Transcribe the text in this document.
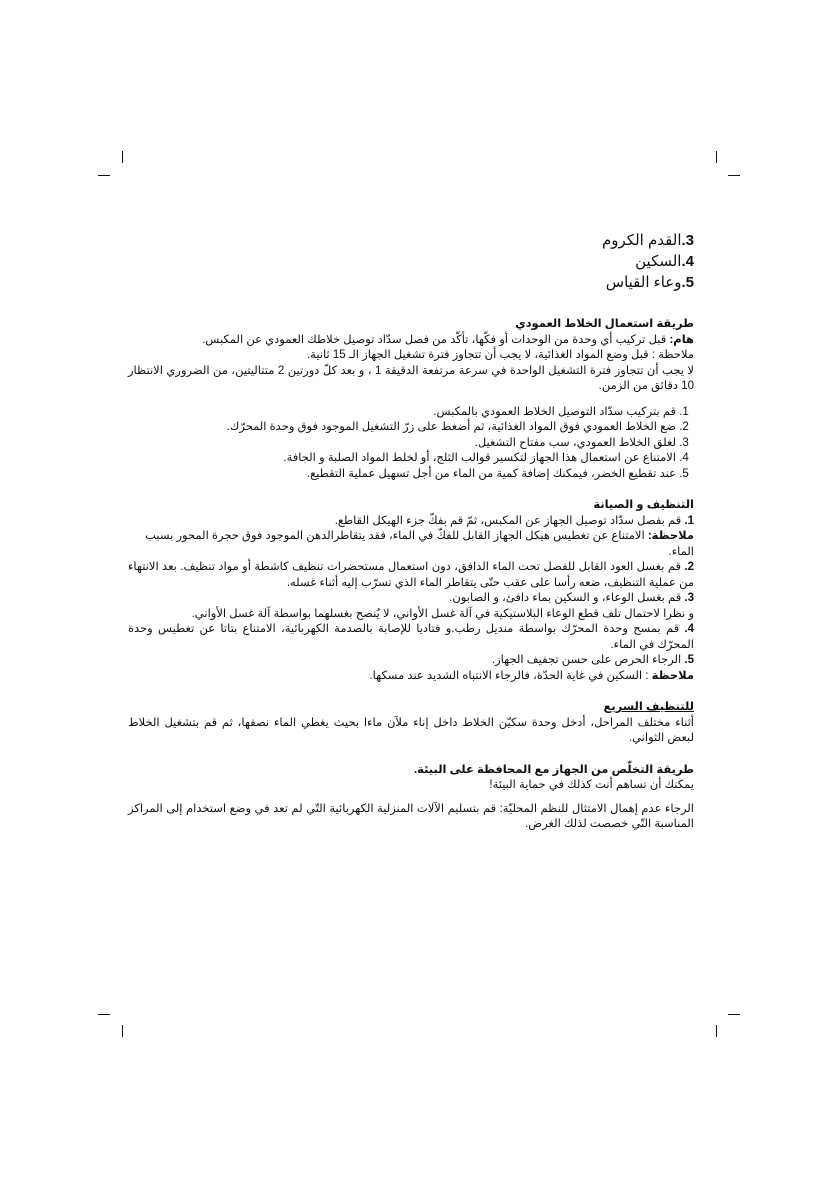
3.القدم الكروم
4.السكين
5.وعاء القياس
طريقة استعمال الخلاط العمودي

هام: قبل تركيب أي وحدة من الوحدات أو فكّها، تأكّد من فصل سدّاد توصيل خلاطك العمودي عن المكبس.

ملاحظة : قبل وضع المواد الغذائية، لا يجب أن تتجاوز فترة تشغيل الجهاز الـ 15 ثانية.

لا يجب أن تتجاوز فترة التشغيل الواحدة في سرعة مرتفعة الدقيقة 1 ، و بعد كلّ دورتين 2 متتاليتين، من الضروري الانتظار 10 دقائق من الزمن.

1. قم بتركيب سدّاد التوصيل الخلاط العمودي بالمكبس.
2. ضع الخلاط العمودي فوق المواد الغذائية، ثم أضغط على زرّ التشغيل الموجود فوق وحدة المحرّك.
3. لغلق الخلاط العمودي، سب مفتاح التشغيل.
4. الامتناع عن استعمال هذا الجهاز لتكسير قوالب الثلج، أو لخلط المواد الصلبة و الجافة.
5. عند تقطيع الخضر، فيمكنك إضافة كمية من الماء من أجل تسهيل عملية التقطيع.
التنظيف و الصيانة

1. قم بفصل سدّاد توصيل الجهاز عن المكبس، ثمّ قم بفكّ جزء الهيكل القاطع.

ملاحظة: الامتناع عن تغطيس هيكل الجهاز القابل للفكّ في الماء، فقد يتقاطرالدهن الموجود فوق حجرة المحور بسبب الماء.

2. قم بغسل العود القابل للفصل تحت الماء الدافق، دون استعمال مستحضرات تنظيف كاشطة أو مواد تنظيف. بعد الانتهاء من عملية التنظيف، ضعه رأسا على عقب حتّى يتقاطر الماء الذي تسرّب إليه أثناء غسله.

3. قم بغسل الوعاء، و السكين بماء دافئ، و الصابون.

و نظرا لاحتمال تلف قطع الوعاء البلاستيكية في آلة غسل الأواني، لا يُنصح بغسلهما بواسطة آلة غسل الأواني.

4. قم بمسح وحدة المحرّك بواسطة منديل رطب.و فتاديا للإصابة بالصدمة الكهربائية، الامتناع بتاتا عن تغطيس وحدة المحرّك في الماء.

5. الرجاء الحرص على حسن تجفيف الجهاز.

ملاحظة : السكين في غاية الحدّة، فالرجاء الانتباه الشديد عند مسكها.

للتنظيف السريع

أثناء مختلف المراحل، أدخل وحدة سكيّن الخلاط داخل إناء ملآن ماءا بحيث يغطي الماء نصفها، ثم قم بتشغيل الخلاط لبعض الثواني.

طريقة التخلّص من الجهاز مع المحافظة على البيئة.

يمكنك أن تساهم أنت كذلك في حماية البيئة!

الرجاء عدم إهمال الامتثال للنظم المحليّة: قم بتسليم الآلات المنزلية الكهربائية التّي لم تعد في وضع استخدام إلى المراكز المناسبة التّي خصصت لذلك الغرض.
